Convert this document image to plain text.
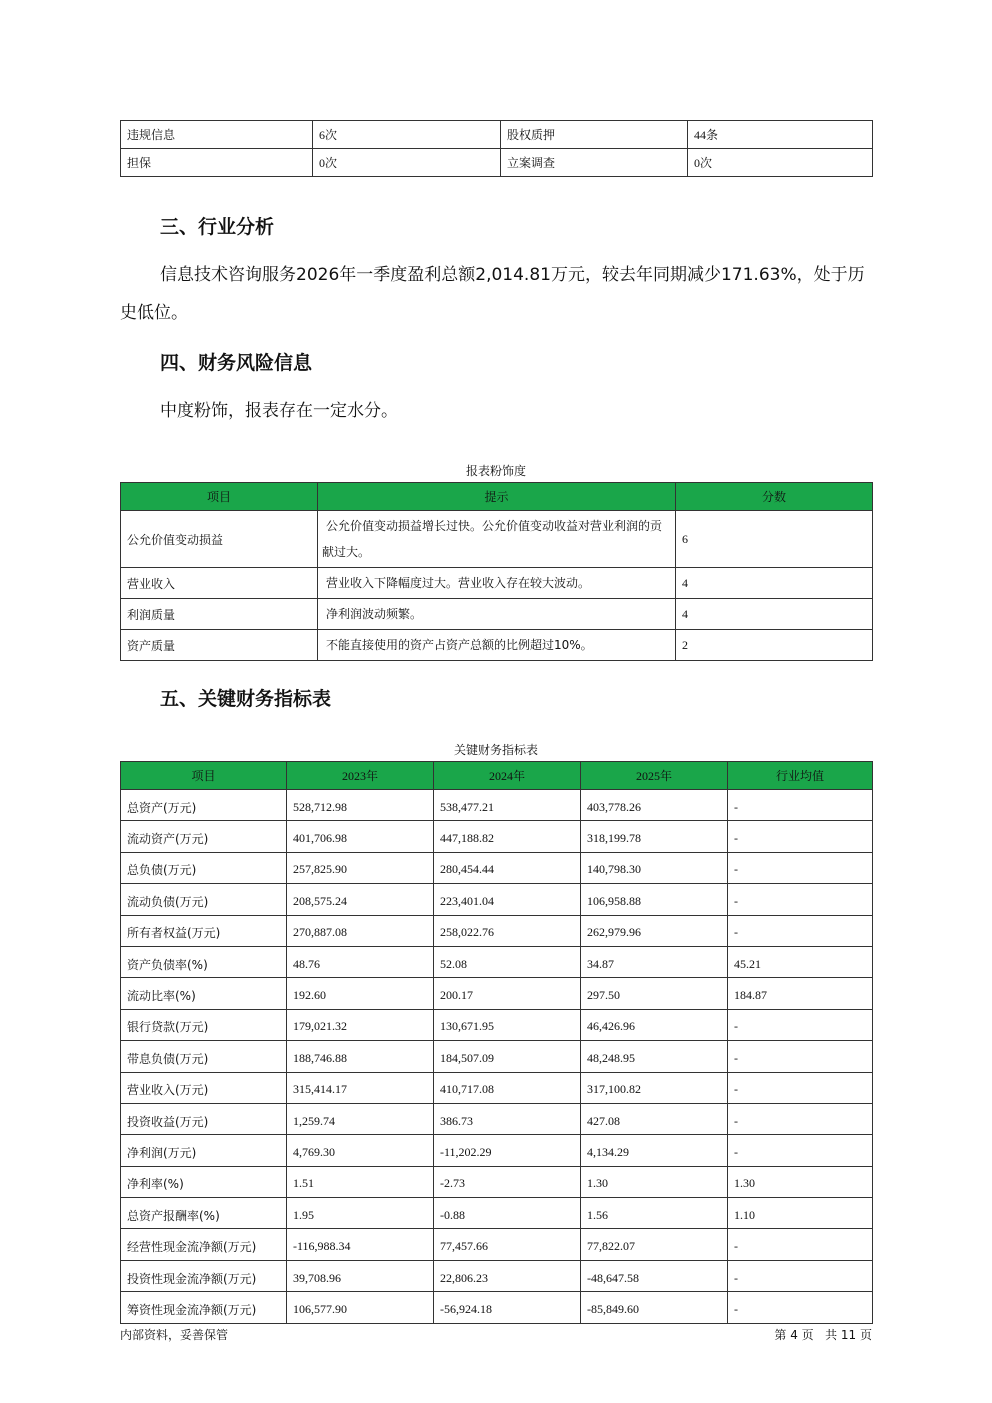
违规信息	6次	股权质押	44条
担保	0次	立案调查	0次
三、行业分析

信息技术咨询服务2026年一季度盈利总额2,014.81万元，较去年同期减少171.63%，处于历史低位。

四、财务风险信息

中度粉饰，报表存在一定水分。

报表粉饰度
项目	提示	分数
公允价值变动损益	公允价值变动损益增长过快。公允价值变动收益对营业利润的贡献过大。	6
营业收入	营业收入下降幅度过大。营业收入存在较大波动。	4
利润质量	净利润波动频繁。	4
资产质量	不能直接使用的资产占资产总额的比例超过10%。	2
五、关键财务指标表
关键财务指标表
项目	2023年	2024年	2025年	行业均值
总资产(万元)	528,712.98	538,477.21	403,778.26	-
流动资产(万元)	401,706.98	447,188.82	318,199.78	-
总负债(万元)	257,825.90	280,454.44	140,798.30	-
流动负债(万元)	208,575.24	223,401.04	106,958.88	-
所有者权益(万元)	270,887.08	258,022.76	262,979.96	-
资产负债率(%)	48.76	52.08	34.87	45.21
流动比率(%)	192.60	200.17	297.50	184.87
银行贷款(万元)	179,021.32	130,671.95	46,426.96	-
带息负债(万元)	188,746.88	184,507.09	48,248.95	-
营业收入(万元)	315,414.17	410,717.08	317,100.82	-
投资收益(万元)	1,259.74	386.73	427.08	-
净利润(万元)	4,769.30	-11,202.29	4,134.29	-
净利率(%)	1.51	-2.73	1.30	1.30
总资产报酬率(%)	1.95	-0.88	1.56	1.10
经营性现金流净额(万元)	-116,988.34	77,457.66	77,822.07	-
投资性现金流净额(万元)	39,708.96	22,806.23	-48,647.58	-
筹资性现金流净额(万元)	106,577.90	-56,924.18	-85,849.60	-
内部资料，妥善保管	第 4 页   共 11 页
